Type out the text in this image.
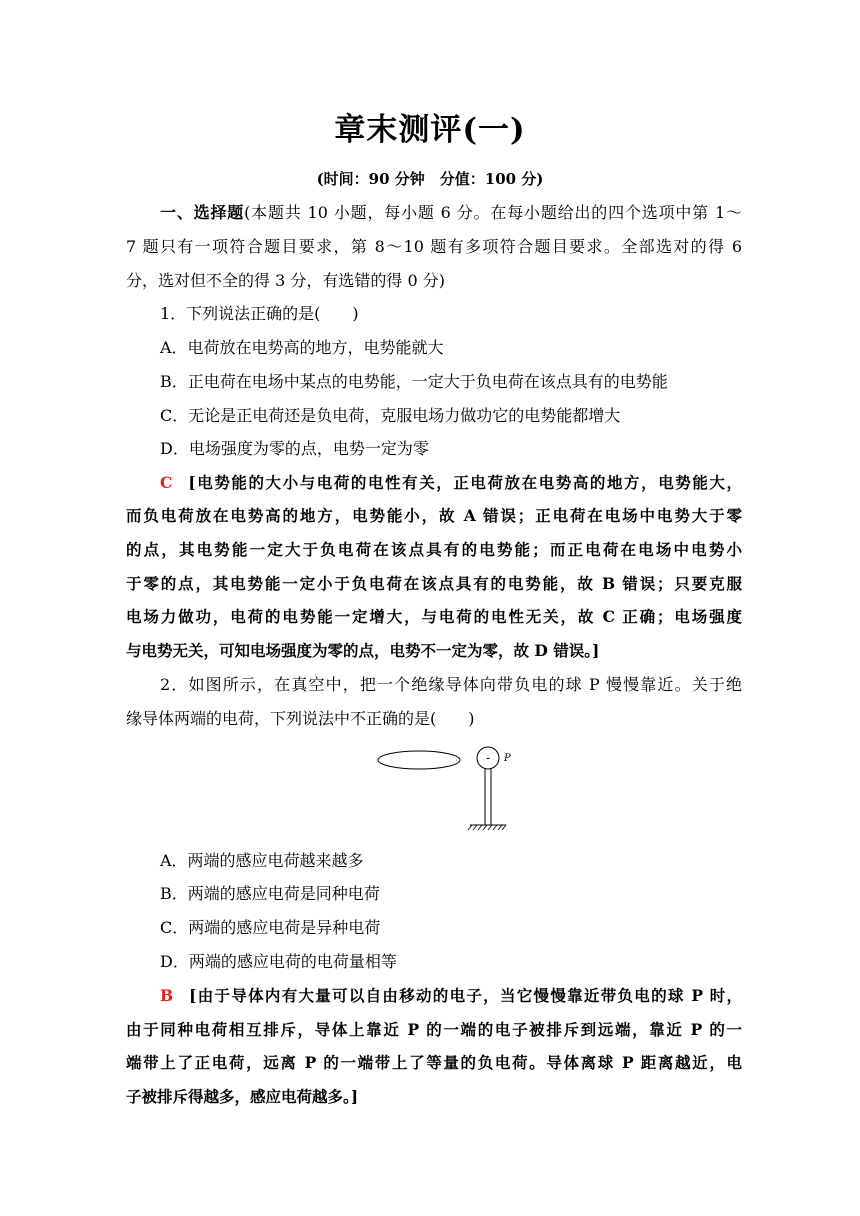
章末测评(一)
(时间：90 分钟　分值：100 分)
一、选择题(本题共 10 小题，每小题 6 分。在每小题给出的四个选项中第 1～
7 题只有一项符合题目要求，第 8～10 题有多项符合题目要求。全部选对的得 6
分，选对但不全的得 3 分，有选错的得 0 分)
1．下列说法正确的是(　　)
A．电荷放在电势高的地方，电势能就大
B．正电荷在电场中某点的电势能，一定大于负电荷在该点具有的电势能
C．无论是正电荷还是负电荷，克服电场力做功它的电势能都增大
D．电场强度为零的点，电势一定为零
C [电势能的大小与电荷的电性有关，正电荷放在电势高的地方，电势能大，
而负电荷放在电势高的地方，电势能小，故 A 错误；正电荷在电场中电势大于零
的点，其电势能一定大于负电荷在该点具有的电势能；而正电荷在电场中电势小
于零的点，其电势能一定小于负电荷在该点具有的电势能，故 B 错误；只要克服
电场力做功，电荷的电势能一定增大，与电荷的电性无关，故 C 正确；电场强度
与电势无关，可知电场强度为零的点，电势不一定为零，故 D 错误。]
2．如图所示，在真空中，把一个绝缘导体向带负电的球 P 慢慢靠近。关于绝
缘导体两端的电荷，下列说法中不正确的是(　　)
- P
A．两端的感应电荷越来越多
B．两端的感应电荷是同种电荷
C．两端的感应电荷是异种电荷
D．两端的感应电荷的电荷量相等
B [由于导体内有大量可以自由移动的电子，当它慢慢靠近带负电的球 P 时，
由于同种电荷相互排斥，导体上靠近 P 的一端的电子被排斥到远端，靠近 P 的一
端带上了正电荷，远离 P 的一端带上了等量的负电荷。导体离球 P 距离越近，电
子被排斥得越多，感应电荷越多。]
